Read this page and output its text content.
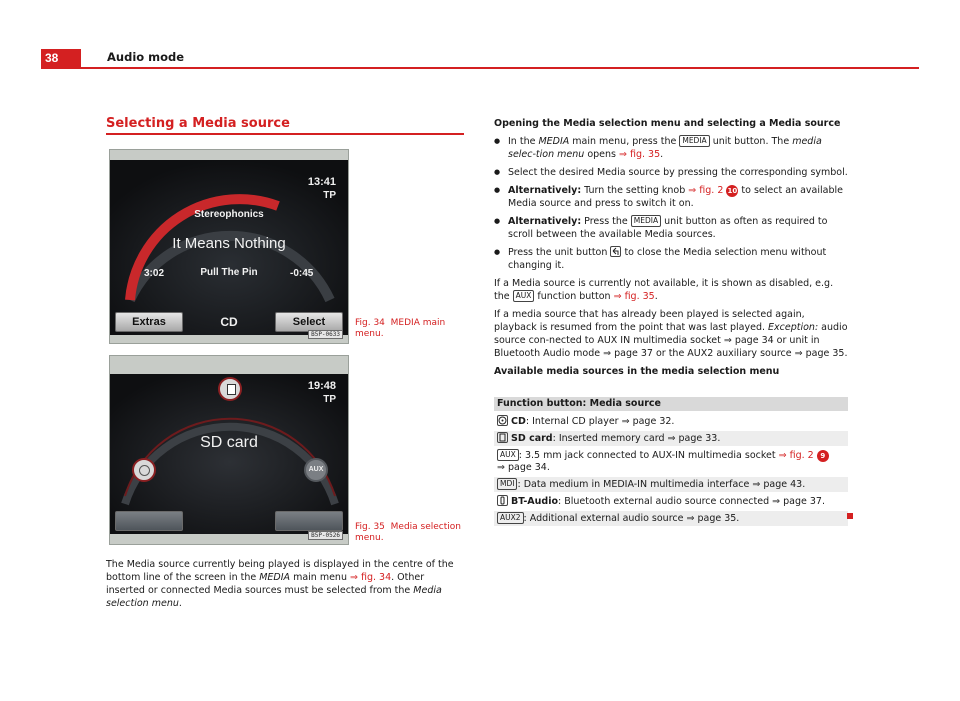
38	Audio mode
Selecting a Media source
13:41
TP
Stereophonics
It Means Nothing
Pull The Pin
3:02	-0:45
Extras	CD	Select
B5P-0633
Fig. 34 MEDIA main menu.
19:48
TP
SD card
AUX
B5P-0526
Fig. 35 Media selection menu.
The Media source currently being played is displayed in the centre of the bottom line of the screen in the MEDIA main menu ⇒ fig. 34. Other inserted or connected Media sources must be selected from the Media selection menu.
Opening the Media selection menu and selecting a Media source
● In the MEDIA main menu, press the MEDIA unit button. The media selec-tion menu opens ⇒ fig. 35.
● Select the desired Media source by pressing the corresponding symbol.
● Alternatively: Turn the setting knob ⇒ fig. 2 10 to select an available Media source and press to switch it on.
● Alternatively: Press the MEDIA unit button as often as required to scroll between the available Media sources.
● Press the unit button
to close the Media selection menu without changing it.
If a Media source is currently not available, it is shown as disabled, e.g. the AUX function button ⇒ fig. 35.
If a media source that has already been played is selected again, playback is resumed from the point that was last played. Exception: audio source con-nected to AUX IN multimedia socket ⇒ page 34 or unit in Bluetooth Audio mode ⇒ page 37 or the AUX2 auxiliary source ⇒ page 35.
Available media sources in the media selection menu
Function button: Media source
CD: Internal CD player ⇒ page 32.
SD card: Inserted memory card ⇒ page 33.
AUX : 3.5 mm jack connected to AUX-IN multimedia socket ⇒ fig. 2 9
⇒ page 34.
MDI : Data medium in MEDIA-IN multimedia interface ⇒ page 43.
BT-Audio: Bluetooth external audio source connected ⇒ page 37.
AUX2 : Additional external audio source ⇒ page 35.
